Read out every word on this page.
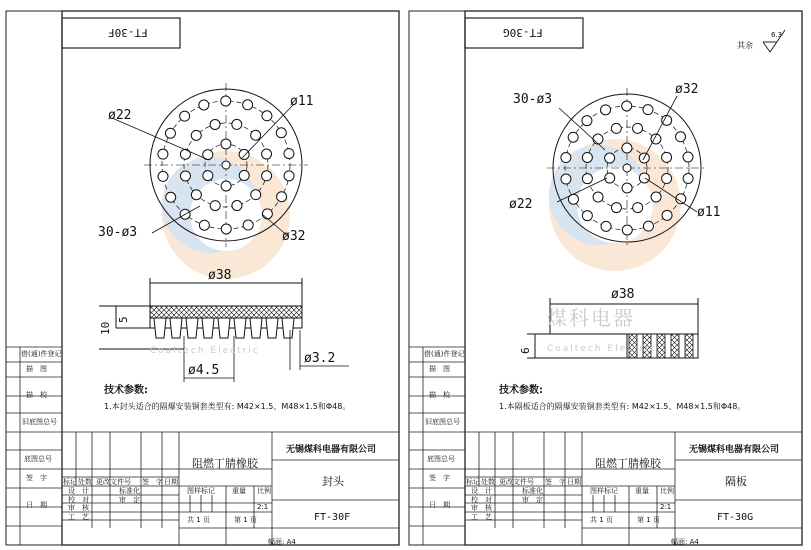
FT-30F
借(通)件登记
描　图
描　校
旧底图总号
底图总号
签　字
日　期
ø22
ø11
30-ø3	ø32
ø38
10
5
ø4.5
ø3.2
Coaltech Electric
技术参数:
1.本封头适合的隔爆安装铜套类型有: M42×1.5、M48×1.5和Φ48。
无锡煤科电器有限公司
阻燃丁腈橡胶
封头
FT-30F
标记 处数 更改文件号 签　字 日期
设　计
校　对
审　核
工　艺
标准化
审　定
图样标记 重量 比例
2:1
共 1 页	第 1 页
幅面: A4
FT-30G
其余
6.3
借(通)件登记
描　图
描　校
旧底图总号
底图总号
签　字
日　期
30-ø3
ø32
ø22
ø11
ø38
6
煤科电器
Coaltech Electric
技术参数:
1.本隔板适合的隔爆安装铜套类型有: M42×1.5、M48×1.5和Φ48。
无锡煤科电器有限公司
阻燃丁腈橡胶
隔板
FT-30G
标记 处数 更改文件号 签　字 日期
设　计
校　对
审　核
工　艺
标准化
审　定
图样标记 重量 比例
2:1
共 1 页	第 1 页
幅面: A4
